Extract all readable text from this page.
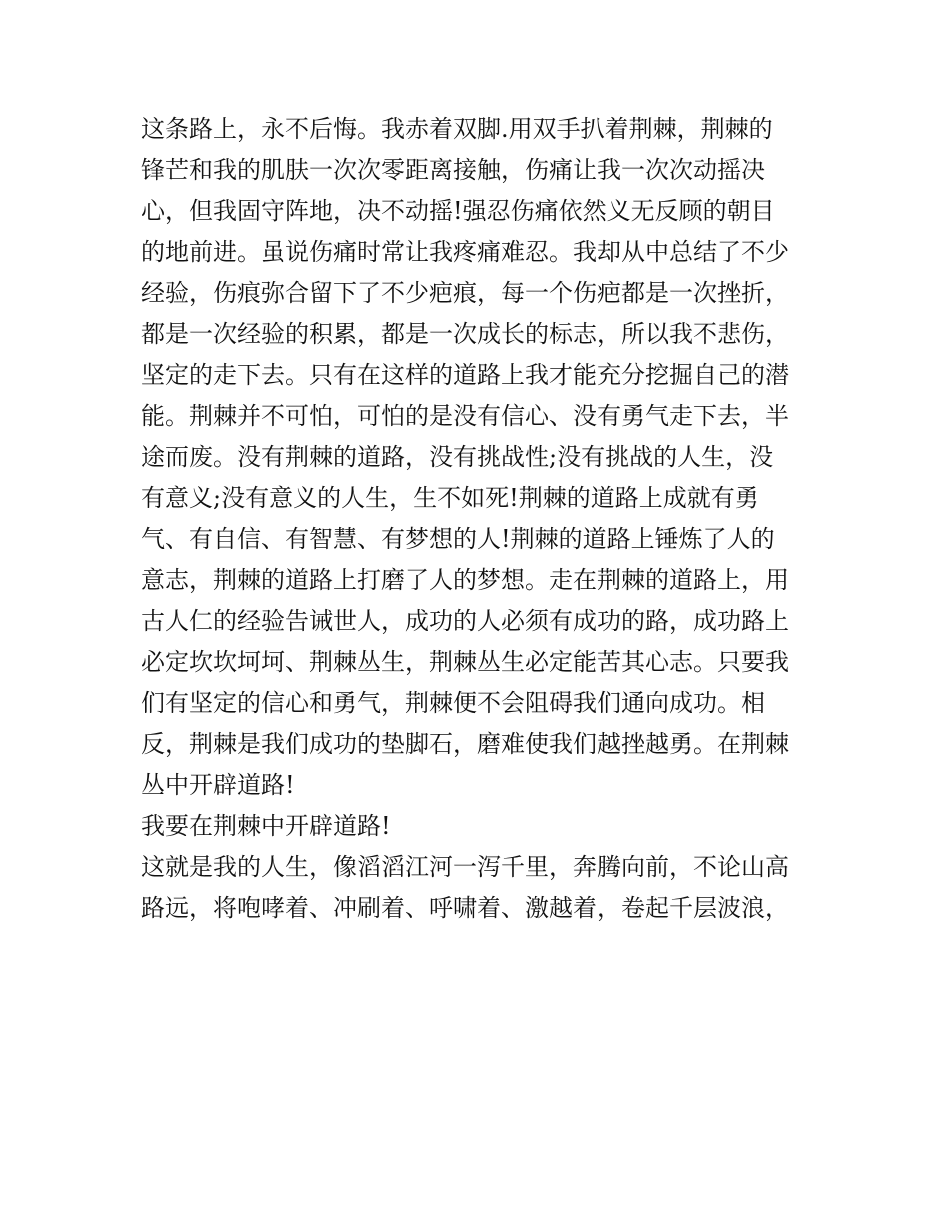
这条路上，永不后悔。我赤着双脚.用双手扒着荆棘，荆棘的
锋芒和我的肌肤一次次零距离接触，伤痛让我一次次动摇决
心，但我固守阵地，决不动摇!强忍伤痛依然义无反顾的朝目
的地前进。虽说伤痛时常让我疼痛难忍。我却从中总结了不少
经验，伤痕弥合留下了不少疤痕，每一个伤疤都是一次挫折，
都是一次经验的积累，都是一次成长的标志，所以我不悲伤，
坚定的走下去。只有在这样的道路上我才能充分挖掘自己的潜
能。荆棘并不可怕，可怕的是没有信心、没有勇气走下去，半
途而废。没有荆棘的道路，没有挑战性;没有挑战的人生，没
有意义;没有意义的人生，生不如死!荆棘的道路上成就有勇
气、有自信、有智慧、有梦想的人!荆棘的道路上锤炼了人的
意志，荆棘的道路上打磨了人的梦想。走在荆棘的道路上，用
古人仁的经验告诫世人，成功的人必须有成功的路，成功路上
必定坎坎坷坷、荆棘丛生，荆棘丛生必定能苦其心志。只要我
们有坚定的信心和勇气，荆棘便不会阻碍我们通向成功。相
反，荆棘是我们成功的垫脚石，磨难使我们越挫越勇。在荆棘
丛中开辟道路!
我要在荆棘中开辟道路!
这就是我的人生，像滔滔江河一泻千里，奔腾向前，不论山高
路远，将咆哮着、冲刷着、呼啸着、激越着，卷起千层波浪，
